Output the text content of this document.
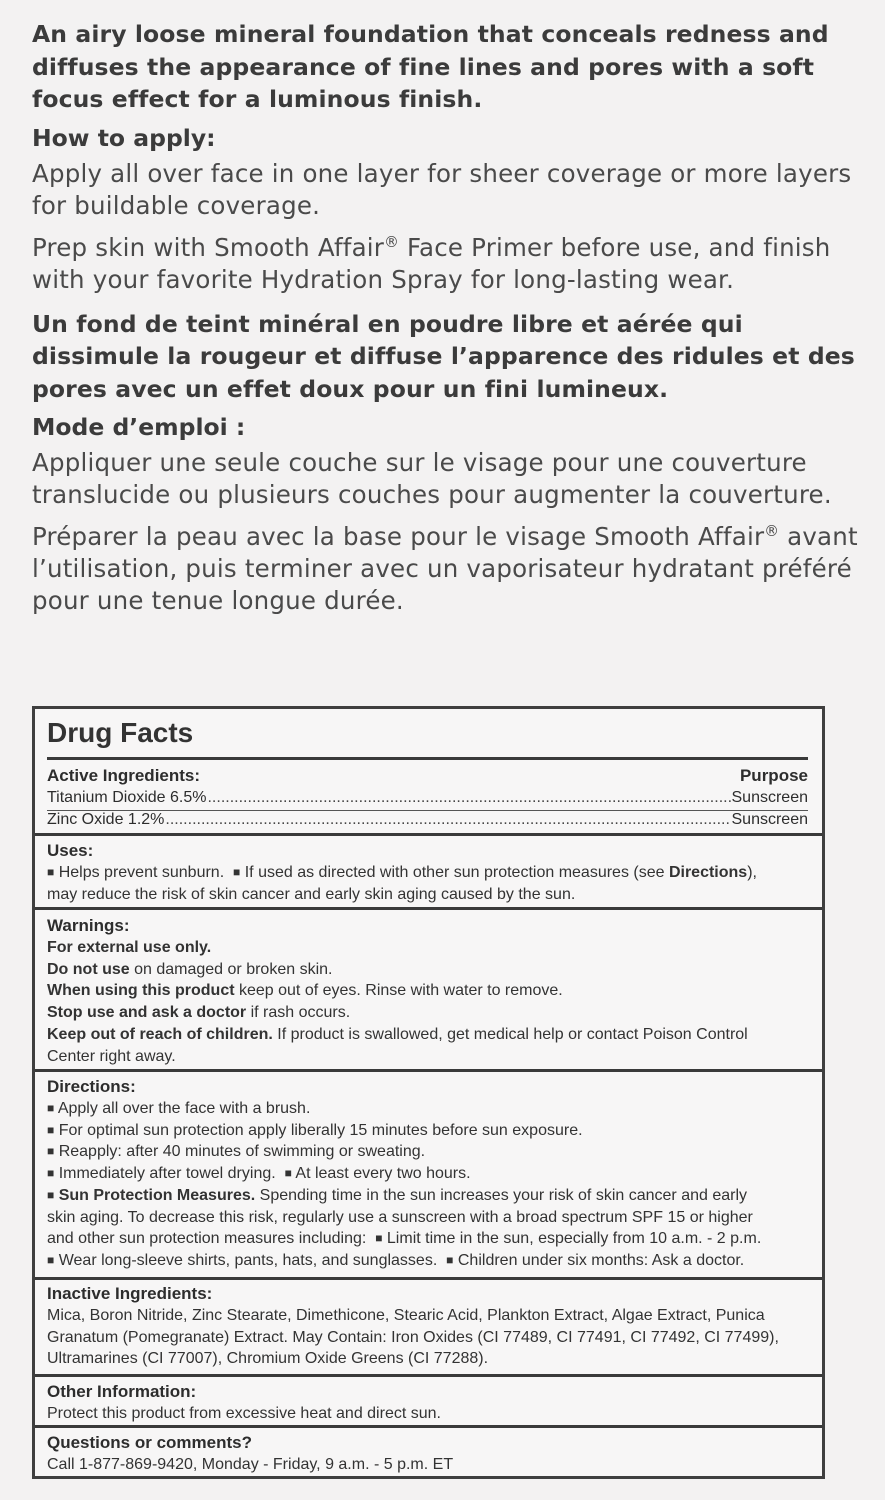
An airy loose mineral foundation that conceals redness and diffuses the appearance of fine lines and pores with a soft focus effect for a luminous finish.

How to apply:

Apply all over face in one layer for sheer coverage or more layers for buildable coverage.

Prep skin with Smooth Affair® Face Primer before use, and finish with your favorite Hydration Spray for long-lasting wear.

Un fond de teint minéral en poudre libre et aérée qui dissimule la rougeur et diffuse l’apparence des ridules et des pores avec un effet doux pour un fini lumineux.

Mode d’emploi :

Appliquer une seule couche sur le visage pour une couverture translucide ou plusieurs couches pour augmenter la couverture.

Préparer la peau avec la base pour le visage Smooth Affair® avant l’utilisation, puis terminer avec un vaporisateur hydratant préféré pour une tenue longue durée.

Drug Facts
Active Ingredients:	Purpose
Titanium Dioxide 6.5% .....	Sunscreen
Zinc Oxide 1.2% .....	Sunscreen
Uses:
■ Helps prevent sunburn. ■ If used as directed with other sun protection measures (see Directions),
may reduce the risk of skin cancer and early skin aging caused by the sun.
Warnings:
For external use only.
Do not use on damaged or broken skin.
When using this product keep out of eyes. Rinse with water to remove.
Stop use and ask a doctor if rash occurs.
Keep out of reach of children. If product is swallowed, get medical help or contact Poison Control
Center right away.
Directions:
■ Apply all over the face with a brush.
■ For optimal sun protection apply liberally 15 minutes before sun exposure.
■ Reapply: after 40 minutes of swimming or sweating.
■ Immediately after towel drying. ■ At least every two hours.
■ Sun Protection Measures. Spending time in the sun increases your risk of skin cancer and early
skin aging. To decrease this risk, regularly use a sunscreen with a broad spectrum SPF 15 or higher
and other sun protection measures including: ■ Limit time in the sun, especially from 10 a.m. - 2 p.m.
■ Wear long-sleeve shirts, pants, hats, and sunglasses. ■ Children under six months: Ask a doctor.
Inactive Ingredients:
Mica, Boron Nitride, Zinc Stearate, Dimethicone, Stearic Acid, Plankton Extract, Algae Extract, Punica
Granatum (Pomegranate) Extract. May Contain: Iron Oxides (CI 77489, CI 77491, CI 77492, CI 77499),
Ultramarines (CI 77007), Chromium Oxide Greens (CI 77288).
Other Information:
Protect this product from excessive heat and direct sun.
Questions or comments?
Call 1-877-869-9420, Monday - Friday, 9 a.m. - 5 p.m. ET
